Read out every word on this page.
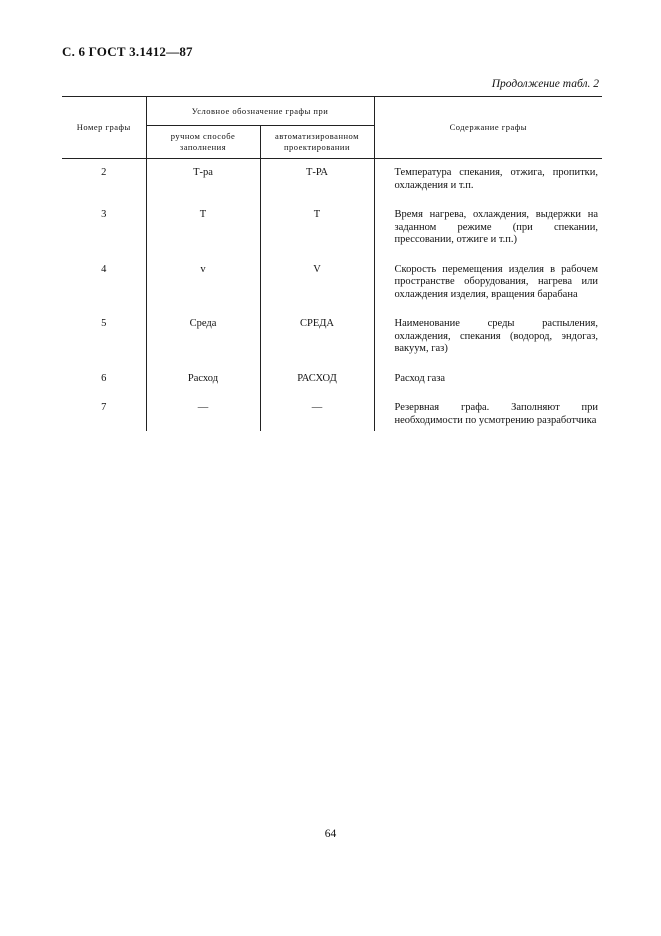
С. 6 ГОСТ 3.1412—87
Продолжение табл. 2
Номер графы	Условное обозначение графы при		Содержание графы
	ручном способе заполнения	автоматизированном проектировании	
2	Т-ра	Т-РА	Температура спекания, отжига, пропитки, охлаждения и т.п.
3	Т	Т	Время нагрева, охлаждения, выдержки на заданном режиме (при спекании, прессовании, отжиге и т.п.)
4	v	V	Скорость перемещения изделия в рабочем пространстве оборудования, нагрева или охлаждения изделия, вращения барабана
5	Среда	СРЕДА	Наименование среды распыления, охлаждения, спекания (водород, эндогаз, вакуум, газ)
6	Расход	РАСХОД	Расход газа
7	—	—	Резервная графа. Заполняют при необходимости по усмотрению разработчика
64
